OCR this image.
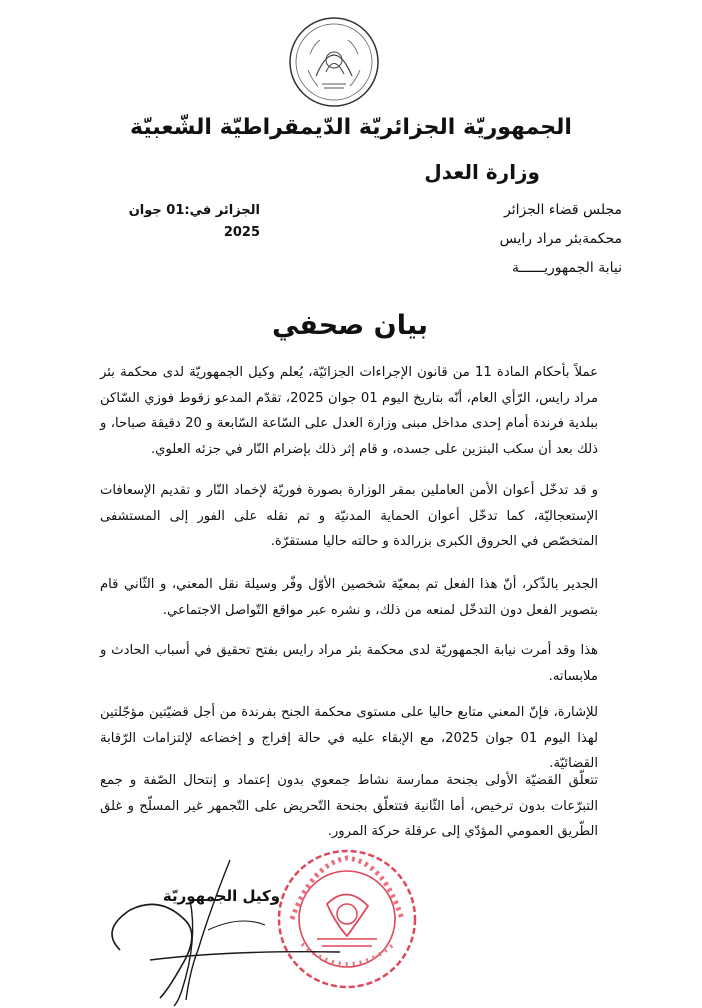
الجمهوريّة الجزائريّة الدّيمقراطيّة الشّعبيّة
وزارة العدل
الجزائر في:01 جوان 2025
مجلس قضاء الجزائر
محكمةبئر مراد رايس
نيابة الجمهوريــــــة
بيان صحفي
عملاً بأحكام المادة 11 من قانون الإجراءات الجزائيّة، يُعلم وكيل الجمهوريّة لدى محكمة بئر مراد رايس، الرّأي العام، أنّه بتاريخ اليوم 01 جوان 2025، تقدّم المدعو زقوط فوزي السّاكن ببلدية فرندة أمام إحدى مداخل مبنى وزارة العدل على السّاعة السّابعة و 20 دقيقة صباحا، و ذلك بعد أن سكب البنزين على جسده، و قام إثر ذلك بإضرام النّار في جزئه العلوي.
و قد تدخّل أعوان الأمن العاملين بمقر الوزارة بصورة فوريّة لإخماد النّار و تقديم الإسعافات الإستعجاليّة، كما تدخّل أعوان الحماية المدنيّة و تم نقله على الفور إلى المستشفى المتخصّص في الحروق الكبرى بزرالدة و حالته حاليا مستقرّة.
الجدير بالذّكر، أنّ هذا الفعل تم بمعيّة شخصين الأوّل وفّر وسيلة نقل المعني، و الثّاني قام بتصوير الفعل دون التدخّل لمنعه من ذلك، و نشره عبر مواقع التّواصل الاجتماعي.
هذا وقد أمرت نيابة الجمهوريّة لدى محكمة بئر مراد رايس بفتح تحقيق في أسباب الحادث و ملابساته.
للإشارة، فإنّ المعني متابع حاليا على مستوى محكمة الجنح بفرندة من أجل قضيّتين مؤجّلتين لهذا اليوم 01 جوان 2025، مع الإبقاء عليه في حالة إفراج و إخضاعه لإلتزامات الرّقابة القضائيّة.
تتعلّق القضيّة الأولى بجنحة ممارسة نشاط جمعوي بدون إعتماد و إنتحال الصّفة و جمع التبرّعات بدون ترخيص، أما الثّانية فتتعلّق بجنحة التّحريض على التّجمهر غير المسلّح و غلق الطّريق العمومي المؤدّي إلى عرقلة حركة المرور.
وكيل الجمهوريّة
